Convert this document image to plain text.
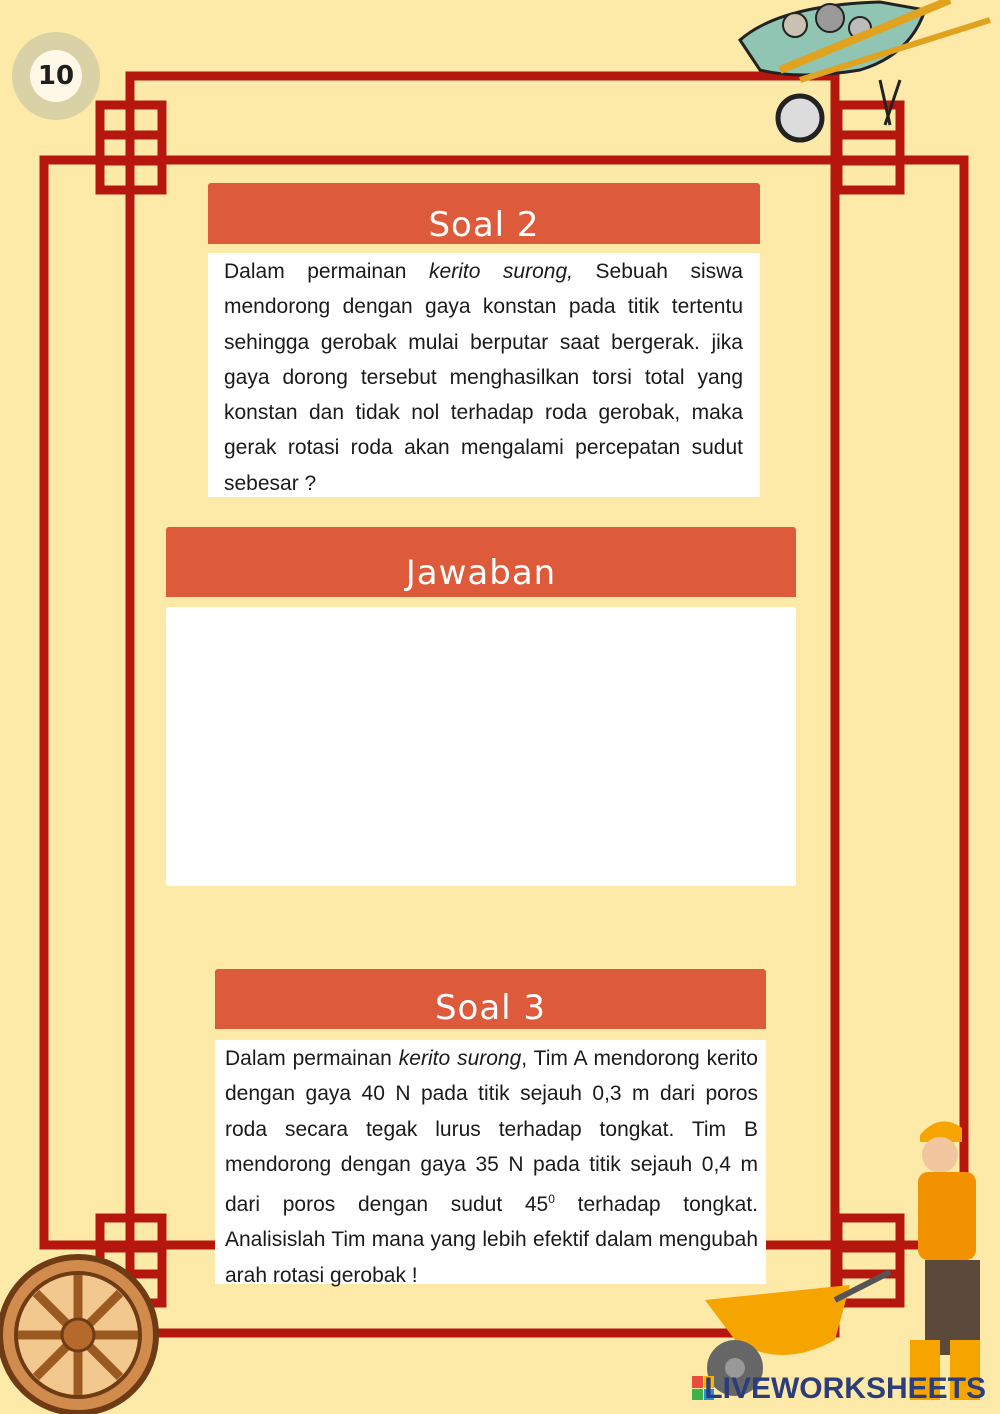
10
Soal 2
Dalam permainan kerito surong, Sebuah siswa mendorong dengan gaya konstan pada titik tertentu sehingga gerobak mulai berputar saat bergerak. jika gaya dorong tersebut menghasilkan torsi total yang konstan dan tidak nol terhadap roda gerobak, maka gerak rotasi roda akan mengalami percepatan sudut sebesar ?
Jawaban
Soal 3
Dalam permainan kerito surong, Tim A mendorong kerito dengan gaya 40 N pada titik sejauh 0,3 m dari poros roda secara tegak lurus terhadap tongkat. Tim B mendorong dengan gaya 35 N pada titik sejauh 0,4 m dari poros dengan sudut $45^0$ terhadap tongkat. Analisislah Tim mana yang lebih efektif dalam mengubah arah rotasi gerobak !
LIVEWORKSHEETS
